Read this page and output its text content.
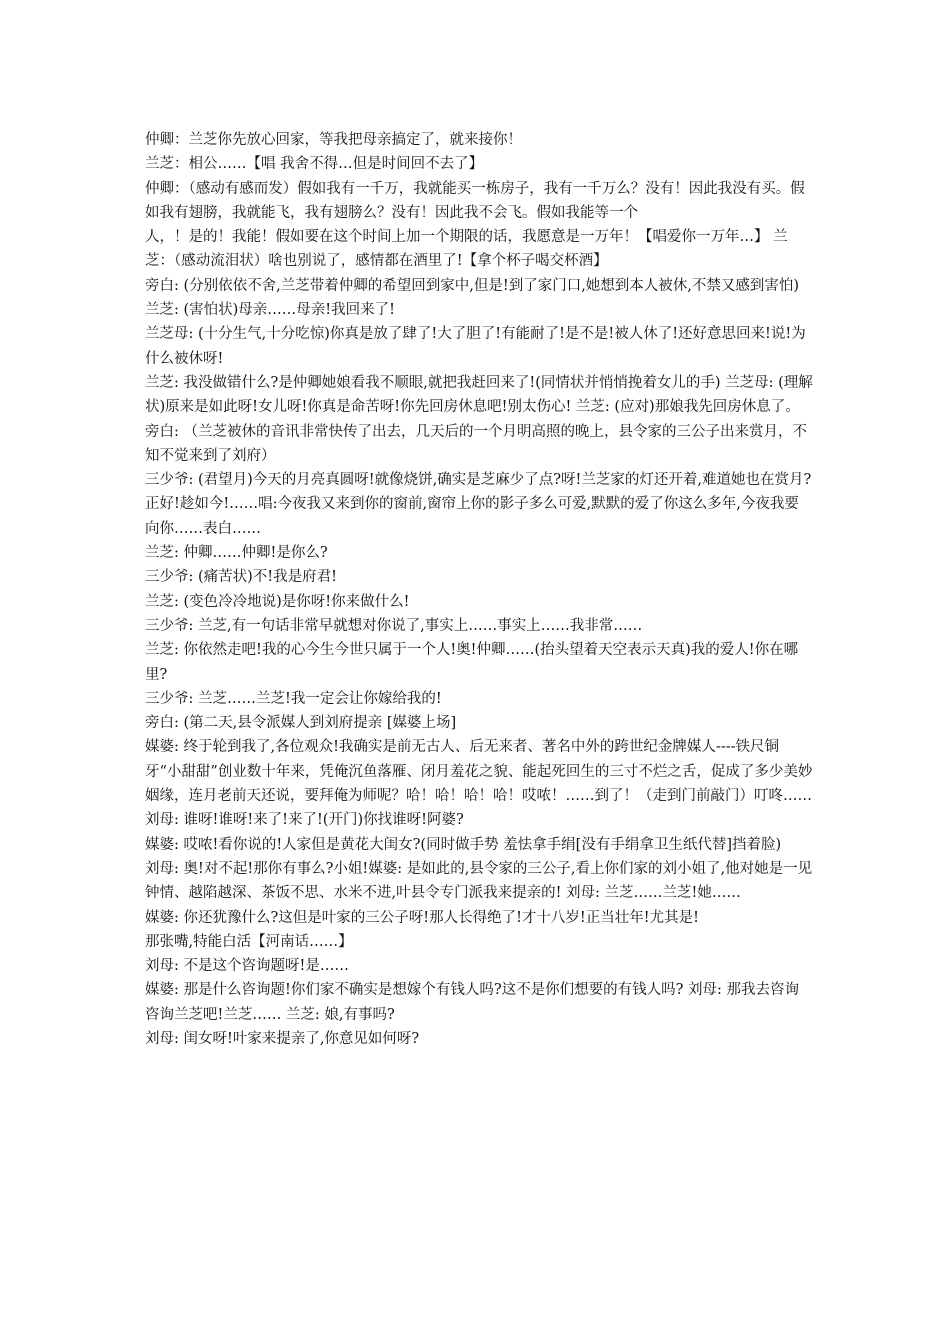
仲卿：兰芝你先放心回家，等我把母亲搞定了，就来接你！

兰芝：相公……【唱 我舍不得…但是时间回不去了】

仲卿：（感动有感而发）假如我有一千万，我就能买一栋房子，我有一千万么？没有！因此我没有买。假如我有翅膀，我就能飞，我有翅膀么？没有！因此我不会飞。假如我能等一个

人，！是的！我能！假如要在这个时间上加一个期限的话，我愿意是一万年！【唱爱你一万年…】 兰芝：（感动流泪状）啥也别说了，感情都在酒里了!【拿个杯子喝交杯酒】

旁白: (分别依依不舍,兰芝带着仲卿的希望回到家中,但是!到了家门口,她想到本人被休,不禁又感到害怕)

兰芝: (害怕状)母亲……母亲!我回来了!

兰芝母: (十分生气,十分吃惊)你真是放了肆了!大了胆了!有能耐了!是不是!被人休了!还好意思回来!说!为什么被休呀!

兰芝: 我没做错什么?是仲卿她娘看我不顺眼,就把我赶回来了!(同情状并悄悄挽着女儿的手) 兰芝母: (理解状)原来是如此呀!女儿呀!你真是命苦呀!你先回房休息吧!别太伤心! 兰芝: (应对)那娘我先回房休息了。

旁白: （兰芝被休的音讯非常快传了出去，几天后的一个月明高照的晚上，县令家的三公子出来赏月，不知不觉来到了刘府）

三少爷: (君望月)今天的月亮真圆呀!就像烧饼,确实是芝麻少了点?呀!兰芝家的灯还开着,难道她也在赏月?正好!趁如今!……唱:今夜我又来到你的窗前,窗帘上你的影子多么可爱,默默的爱了你这么多年,今夜我要向你……表白……

兰芝: 仲卿……仲卿!是你么?

三少爷: (痛苦状)不!我是府君!

兰芝: (变色冷冷地说)是你呀!你来做什么!

三少爷: 兰芝,有一句话非常早就想对你说了,事实上……事实上……我非常……

兰芝: 你依然走吧!我的心今生今世只属于一个人!奥!仲卿……(抬头望着天空表示天真)我的爱人!你在哪里?

三少爷: 兰芝……兰芝!我一定会让你嫁给我的!

旁白: (第二天,县令派媒人到刘府提亲 [媒婆上场]

媒婆: 终于轮到我了,各位观众!我确实是前无古人、后无来者、著名中外的跨世纪金牌媒人----铁尺铜牙“小甜甜”创业数十年来，凭俺沉鱼落雁、闭月羞花之貌、能起死回生的三寸不烂之舌，促成了多少美妙姻缘，连月老前天还说，要拜俺为师呢？哈！哈！哈！哈！哎哝！……到了！（走到门前敲门）叮咚……

刘母: 谁呀!谁呀!来了!来了!(开门)你找谁呀!阿婆?

媒婆: 哎哝!看你说的!人家但是黄花大闺女?(同时做手势 羞怯拿手绢[没有手绢拿卫生纸代替]挡着脸)

刘母: 奥!对不起!那你有事么?小姐!媒婆: 是如此的,县令家的三公子,看上你们家的刘小姐了,他对她是一见钟情、越陷越深、茶饭不思、水米不进,叶县令专门派我来提亲的! 刘母: 兰芝……兰芝!她……

媒婆: 你还犹豫什么?这但是叶家的三公子呀!那人长得绝了!才十八岁!正当壮年!尤其是!

那张嘴,特能白活【河南话……】

刘母: 不是这个咨询题呀!是……

媒婆: 那是什么咨询题!你们家不确实是想嫁个有钱人吗?这不是你们想要的有钱人吗? 刘母: 那我去咨询咨询兰芝吧!兰芝…… 兰芝: 娘,有事吗?

刘母: 闺女呀!叶家来提亲了,你意见如何呀?
